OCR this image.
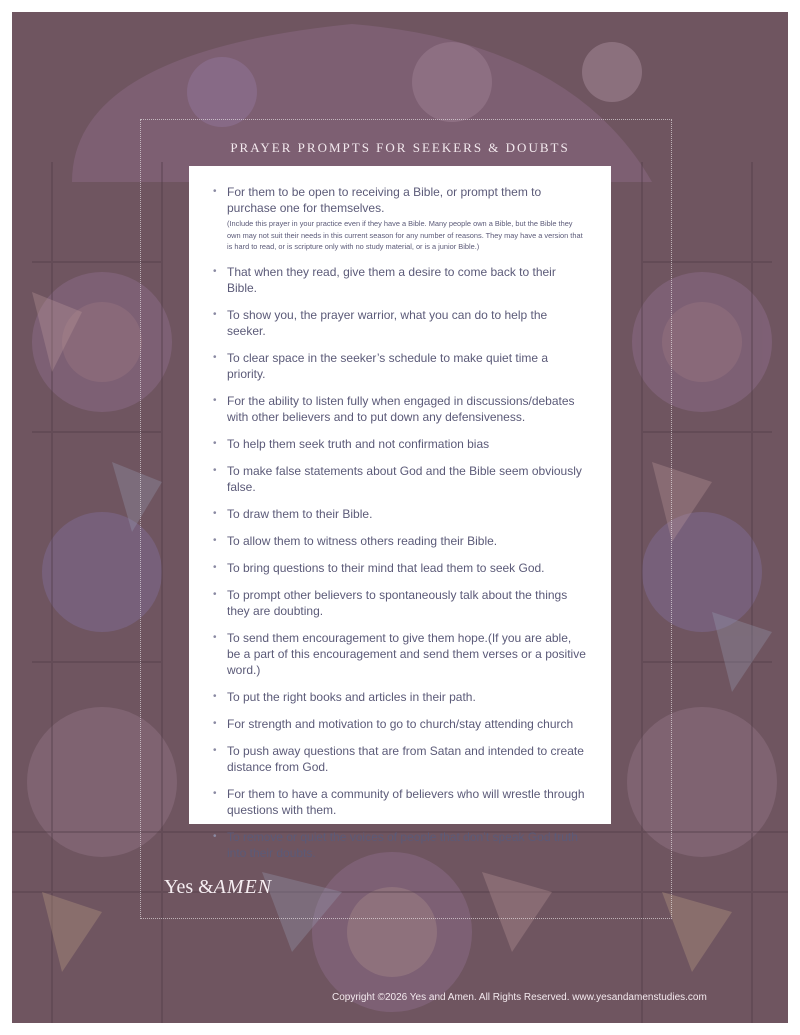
PRAYER PROMPTS FOR SEEKERS & DOUBTS
• For them to be open to receiving a Bible, or prompt them to purchase one for themselves.
(Include this prayer in your practice even if they have a Bible. Many people own a Bible, but the Bible they own may not suit their needs in this current season for any number of reasons. They may have a version that is hard to read, or is scripture only with no study material, or is a junior Bible.)
• That when they read, give them a desire to come back to their Bible.
• To show you, the prayer warrior, what you can do to help the seeker.
• To clear space in the seeker’s schedule to make quiet time a priority.
• For the ability to listen fully when engaged in discussions/debates with other believers and to put down any defensiveness.
• To help them seek truth and not confirmation bias
• To make false statements about God and the Bible seem obviously false.
• To draw them to their Bible.
• To allow them to witness others reading their Bible.
• To bring questions to their mind that lead them to seek God.
• To prompt other believers to spontaneously talk about the things they are doubting.
• To send them encouragement to give them hope.(If you are able, be a part of this encouragement and send them verses or a positive word.)
• To put the right books and articles in their path.
• For strength and motivation to go to church/stay attending church
• To push away questions that are from Satan and intended to create distance from God.
• For them to have a community of believers who will wrestle through questions with them.
• To remove or quiet the voices of people that don’t speak God truth into their doubts.
Yes &AMEN
Copyright ©2026 Yes and Amen. All Rights Reserved. www.yesandamenstudies.com
